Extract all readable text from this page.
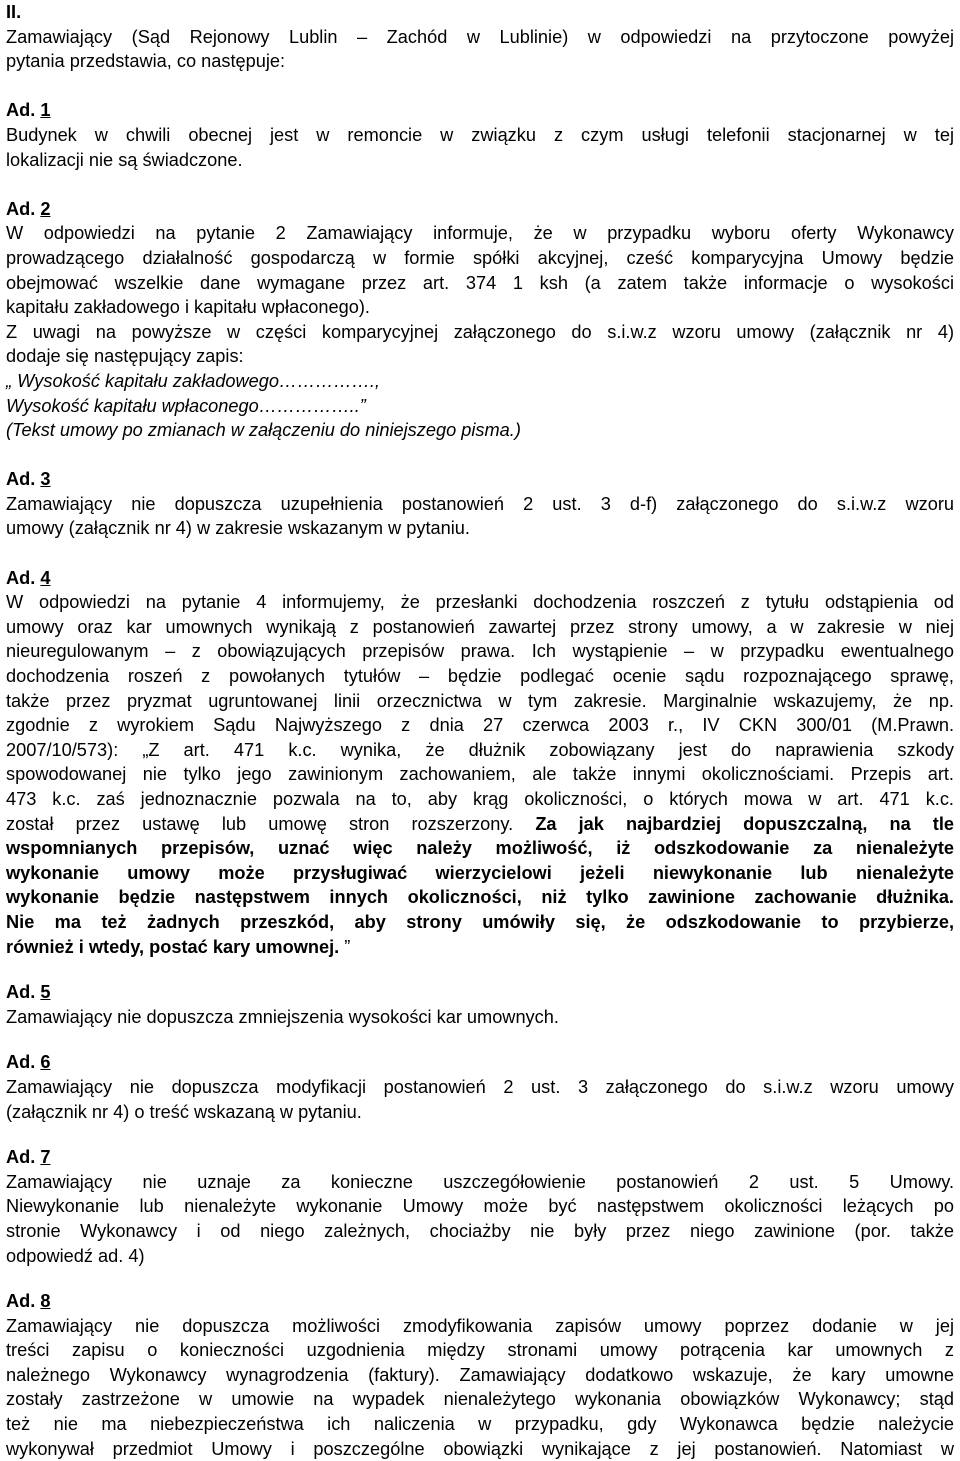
II.
Zamawiający (Sąd Rejonowy Lublin – Zachód w Lublinie) w odpowiedzi na przytoczone powyżej
pytania przedstawia, co następuje:
Ad. 1
Budynek w chwili obecnej jest w remoncie w związku z czym usługi telefonii stacjonarnej w tej
lokalizacji nie są świadczone.
Ad. 2
W odpowiedzi na pytanie 2 Zamawiający informuje, że w przypadku wyboru oferty Wykonawcy
prowadzącego działalność gospodarczą w formie spółki akcyjnej, cześć komparycyjna Umowy będzie
obejmować wszelkie dane wymagane przez art. 374 1 ksh (a zatem także informacje o wysokości
kapitału zakładowego i kapitału wpłaconego).
Z uwagi na powyższe w części komparycyjnej załączonego do s.i.w.z wzoru umowy (załącznik nr 4)
dodaje się następujący zapis:
„ Wysokość kapitału zakładowego…………….,
Wysokość kapitału wpłaconego……………..”
(Tekst umowy po zmianach w załączeniu do niniejszego pisma.)
Ad. 3
Zamawiający nie dopuszcza uzupełnienia postanowień 2 ust. 3 d-f) załączonego do s.i.w.z wzoru
umowy (załącznik nr 4) w zakresie wskazanym w pytaniu.
Ad. 4
W odpowiedzi na pytanie 4 informujemy, że przesłanki dochodzenia roszczeń z tytułu odstąpienia od
umowy oraz kar umownych wynikają z postanowień zawartej przez strony umowy, a w zakresie w niej
nieuregulowanym – z obowiązujących przepisów prawa. Ich wystąpienie – w przypadku ewentualnego
dochodzenia roszeń z powołanych tytułów – będzie podlegać ocenie sądu rozpoznającego sprawę,
także przez pryzmat ugruntowanej linii orzecznictwa w tym zakresie. Marginalnie wskazujemy, że np.
zgodnie z wyrokiem Sądu Najwyższego z dnia 27 czerwca 2003 r., IV CKN 300/01 (M.Prawn.
2007/10/573): „Z art. 471 k.c. wynika, że dłużnik zobowiązany jest do naprawienia szkody
spowodowanej nie tylko jego zawinionym zachowaniem, ale także innymi okolicznościami. Przepis art.
473 k.c. zaś jednoznacznie pozwala na to, aby krąg okoliczności, o których mowa w art. 471 k.c.
został przez ustawę lub umowę stron rozszerzony. Za jak najbardziej dopuszczalną, na tle
wspomnianych przepisów, uznać więc należy możliwość, iż odszkodowanie za nienależyte
wykonanie umowy może przysługiwać wierzycielowi jeżeli niewykonanie lub nienależyte
wykonanie będzie następstwem innych okoliczności, niż tylko zawinione zachowanie dłużnika.
Nie ma też żadnych przeszkód, aby strony umówiły się, że odszkodowanie to przybierze,
również i wtedy, postać kary umownej. ”
Ad. 5
Zamawiający nie dopuszcza zmniejszenia wysokości kar umownych.
Ad. 6
Zamawiający nie dopuszcza modyfikacji postanowień 2 ust. 3 załączonego do s.i.w.z wzoru umowy
(załącznik nr 4) o treść wskazaną w pytaniu.
Ad. 7
Zamawiający nie uznaje za konieczne uszczegółowienie postanowień 2 ust. 5 Umowy.
Niewykonanie lub nienależyte wykonanie Umowy może być następstwem okoliczności leżących po
stronie Wykonawcy i od niego zależnych, chociażby nie były przez niego zawinione (por. także
odpowiedź ad. 4)
Ad. 8
Zamawiający nie dopuszcza możliwości zmodyfikowania zapisów umowy poprzez dodanie w jej
treści zapisu o konieczności uzgodnienia między stronami umowy potrącenia kar umownych z
należnego Wykonawcy wynagrodzenia (faktury). Zamawiający dodatkowo wskazuje, że kary umowne
zostały zastrzeżone w umowie na wypadek nienależytego wykonania obowiązków Wykonawcy; stąd
też nie ma niebezpieczeństwa ich naliczenia w przypadku, gdy Wykonawca będzie należycie
wykonywał przedmiot Umowy i poszczególne obowiązki wynikające z jej postanowień. Natomiast w
